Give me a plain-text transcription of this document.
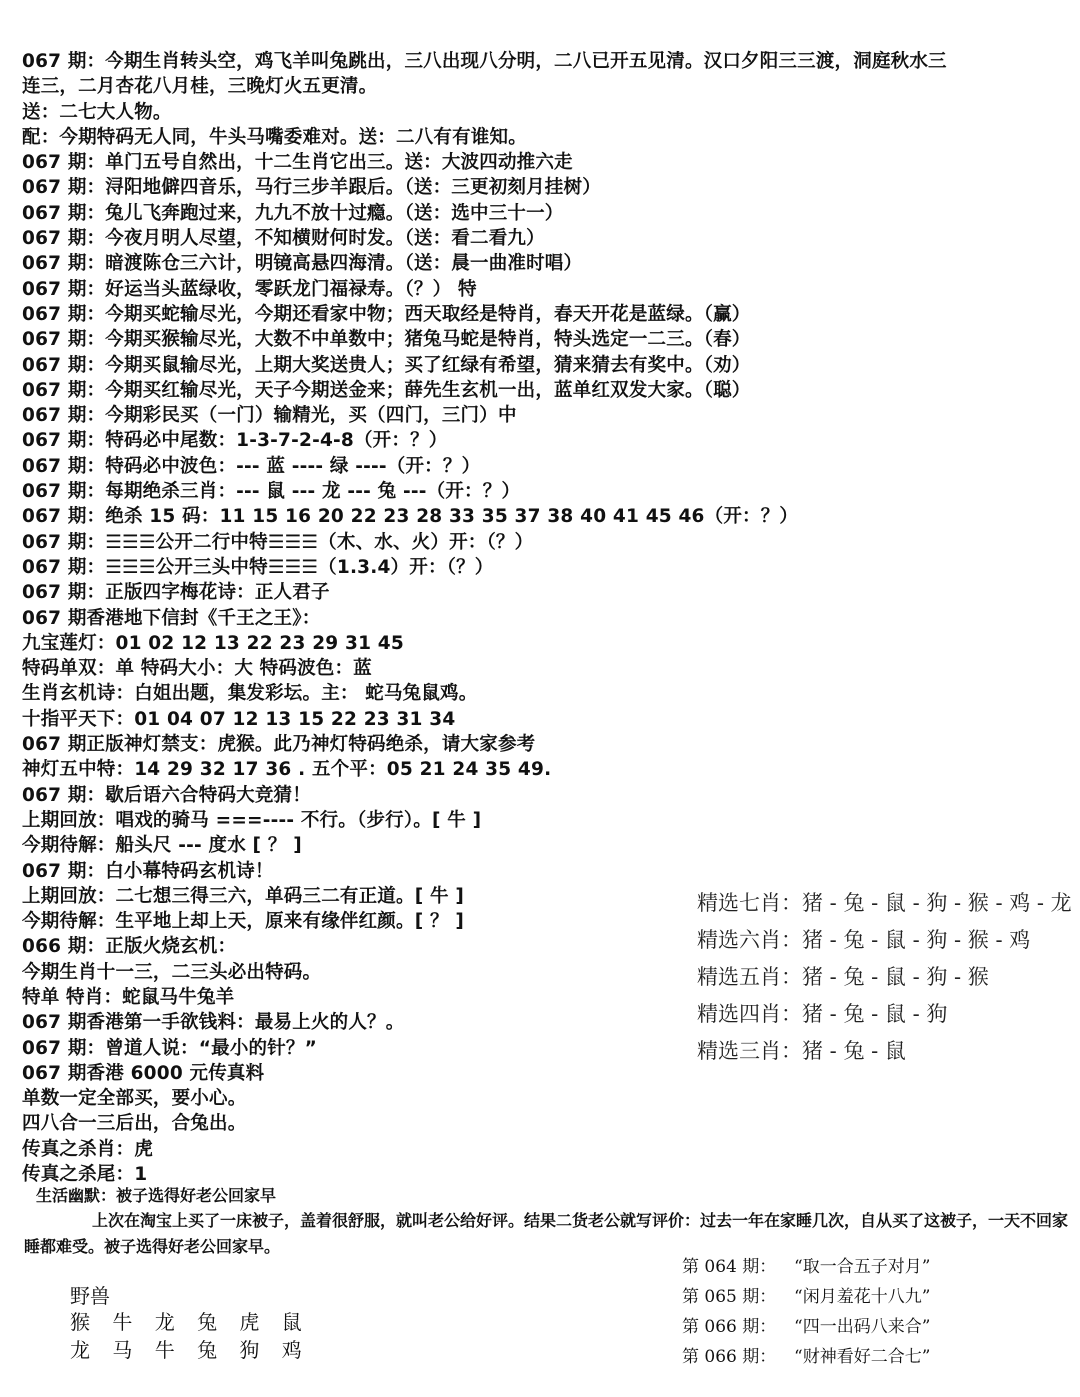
067 期：今期生肖转头空，鸡飞羊叫兔跳出，三八出现八分明，二八已开五见清。汉口夕阳三三渡，洞庭秋水三
连三，二月杏花八月桂，三晚灯火五更清。
送：二七大人物。
配：今期特码无人同，牛头马嘴委难对。送：二八有有谁知。
067 期：单门五号自然出，十二生肖它出三。送：大波四动推六走
067 期：浔阳地僻四音乐，马行三步羊跟后。（送：三更初刻月挂树）
067 期：兔儿飞奔跑过来，九九不放十过瘾。（送：选中三十一）
067 期：今夜月明人尽望，不知横财何时发。（送：看二看九）
067 期：暗渡陈仓三六计，明镜高悬四海清。（送：晨一曲准时唱）
067 期：好运当头蓝绿收，零跃龙门福禄寿。（？） 特
067 期：今期买蛇输尽光，今期还看家中物；西天取经是特肖，春天开花是蓝绿。（赢）
067 期：今期买猴输尽光，大数不中单数中；猪兔马蛇是特肖，特头选定一二三。（春）
067 期：今期买鼠输尽光，上期大奖送贵人；买了红绿有希望，猜来猜去有奖中。（劝）
067 期：今期买红输尽光，天子今期送金来；薛先生玄机一出，蓝单红双发大家。（聪）
067 期：今期彩民买（一门）输精光，买（四门，三门）中
067 期：特码必中尾数：1-3-7-2-4-8（开：？）
067 期：特码必中波色：--- 蓝 ---- 绿 ----（开：？）
067 期：每期绝杀三肖：--- 鼠 --- 龙 --- 兔 ---（开：？）
067 期：绝杀 15 码：11 15 16 20 22 23 28 33 35 37 38 40 41 45 46（开：？）
067 期：☰☰☰公开二行中特☰☰☰（木、水、火）开：（？）
067 期：☰☰☰公开三头中特☰☰☰（1.3.4）开：（？）
067 期：正版四字梅花诗：正人君子
067 期香港地下信封《千王之王》：
九宝莲灯：01 02 12 13 22 23 29 31 45
特码单双：单 特码大小：大 特码波色：蓝
生肖玄机诗：白姐出题，集发彩坛。主： 蛇马兔鼠鸡。
十指平天下：01 04 07 12 13 15 22 23 31 34
067 期正版神灯禁支：虎猴。此乃神灯特码绝杀，请大家参考
神灯五中特：14 29 32 17 36 . 五个平：05 21 24 35 49.
067 期：歇后语六合特码大竞猜！
上期回放：唱戏的骑马 ===---- 不行。（步行）。[ 牛 ]
今期待解：船头尺 --- 度水 [ ？ ]
067 期：白小幕特码玄机诗！
上期回放：二七想三得三六，单码三二有正道。[ 牛 ]
今期待解：生平地上却上天，原来有缘伴红颜。[ ？ ]
066 期：正版火烧玄机：
今期生肖十一三，二三头必出特码。
特单 特肖：蛇鼠马牛兔羊
067 期香港第一手欲钱料：最易上火的人？。
067 期：曾道人说：“最小的针？”
067 期香港 6000 元传真料
单数一定全部买，要小心。
四八合一三后出，合兔出。
传真之杀肖：虎
传真之杀尾：1
精选七肖：猪 - 兔 - 鼠 - 狗 - 猴 - 鸡 - 龙
精选六肖：猪 - 兔 - 鼠 - 狗 - 猴 - 鸡
精选五肖：猪 - 兔 - 鼠 - 狗 - 猴
精选四肖：猪 - 兔 - 鼠 - 狗
精选三肖：猪 - 兔 - 鼠
生活幽默：被子选得好老公回家早
上次在淘宝上买了一床被子，盖着很舒服，就叫老公给好评。结果二货老公就写评价：过去一年在家睡几次，自从买了这被子，一天不回家睡都难受。被子选得好老公回家早。
野兽
猴 牛 龙 兔 虎 鼠
龙 马 牛 兔 狗 鸡
第 064 期： “取一合五子对月”
第 065 期： “闲月羞花十八九”
第 066 期： “四一出码八来合”
第 066 期： “财神看好二合七”
